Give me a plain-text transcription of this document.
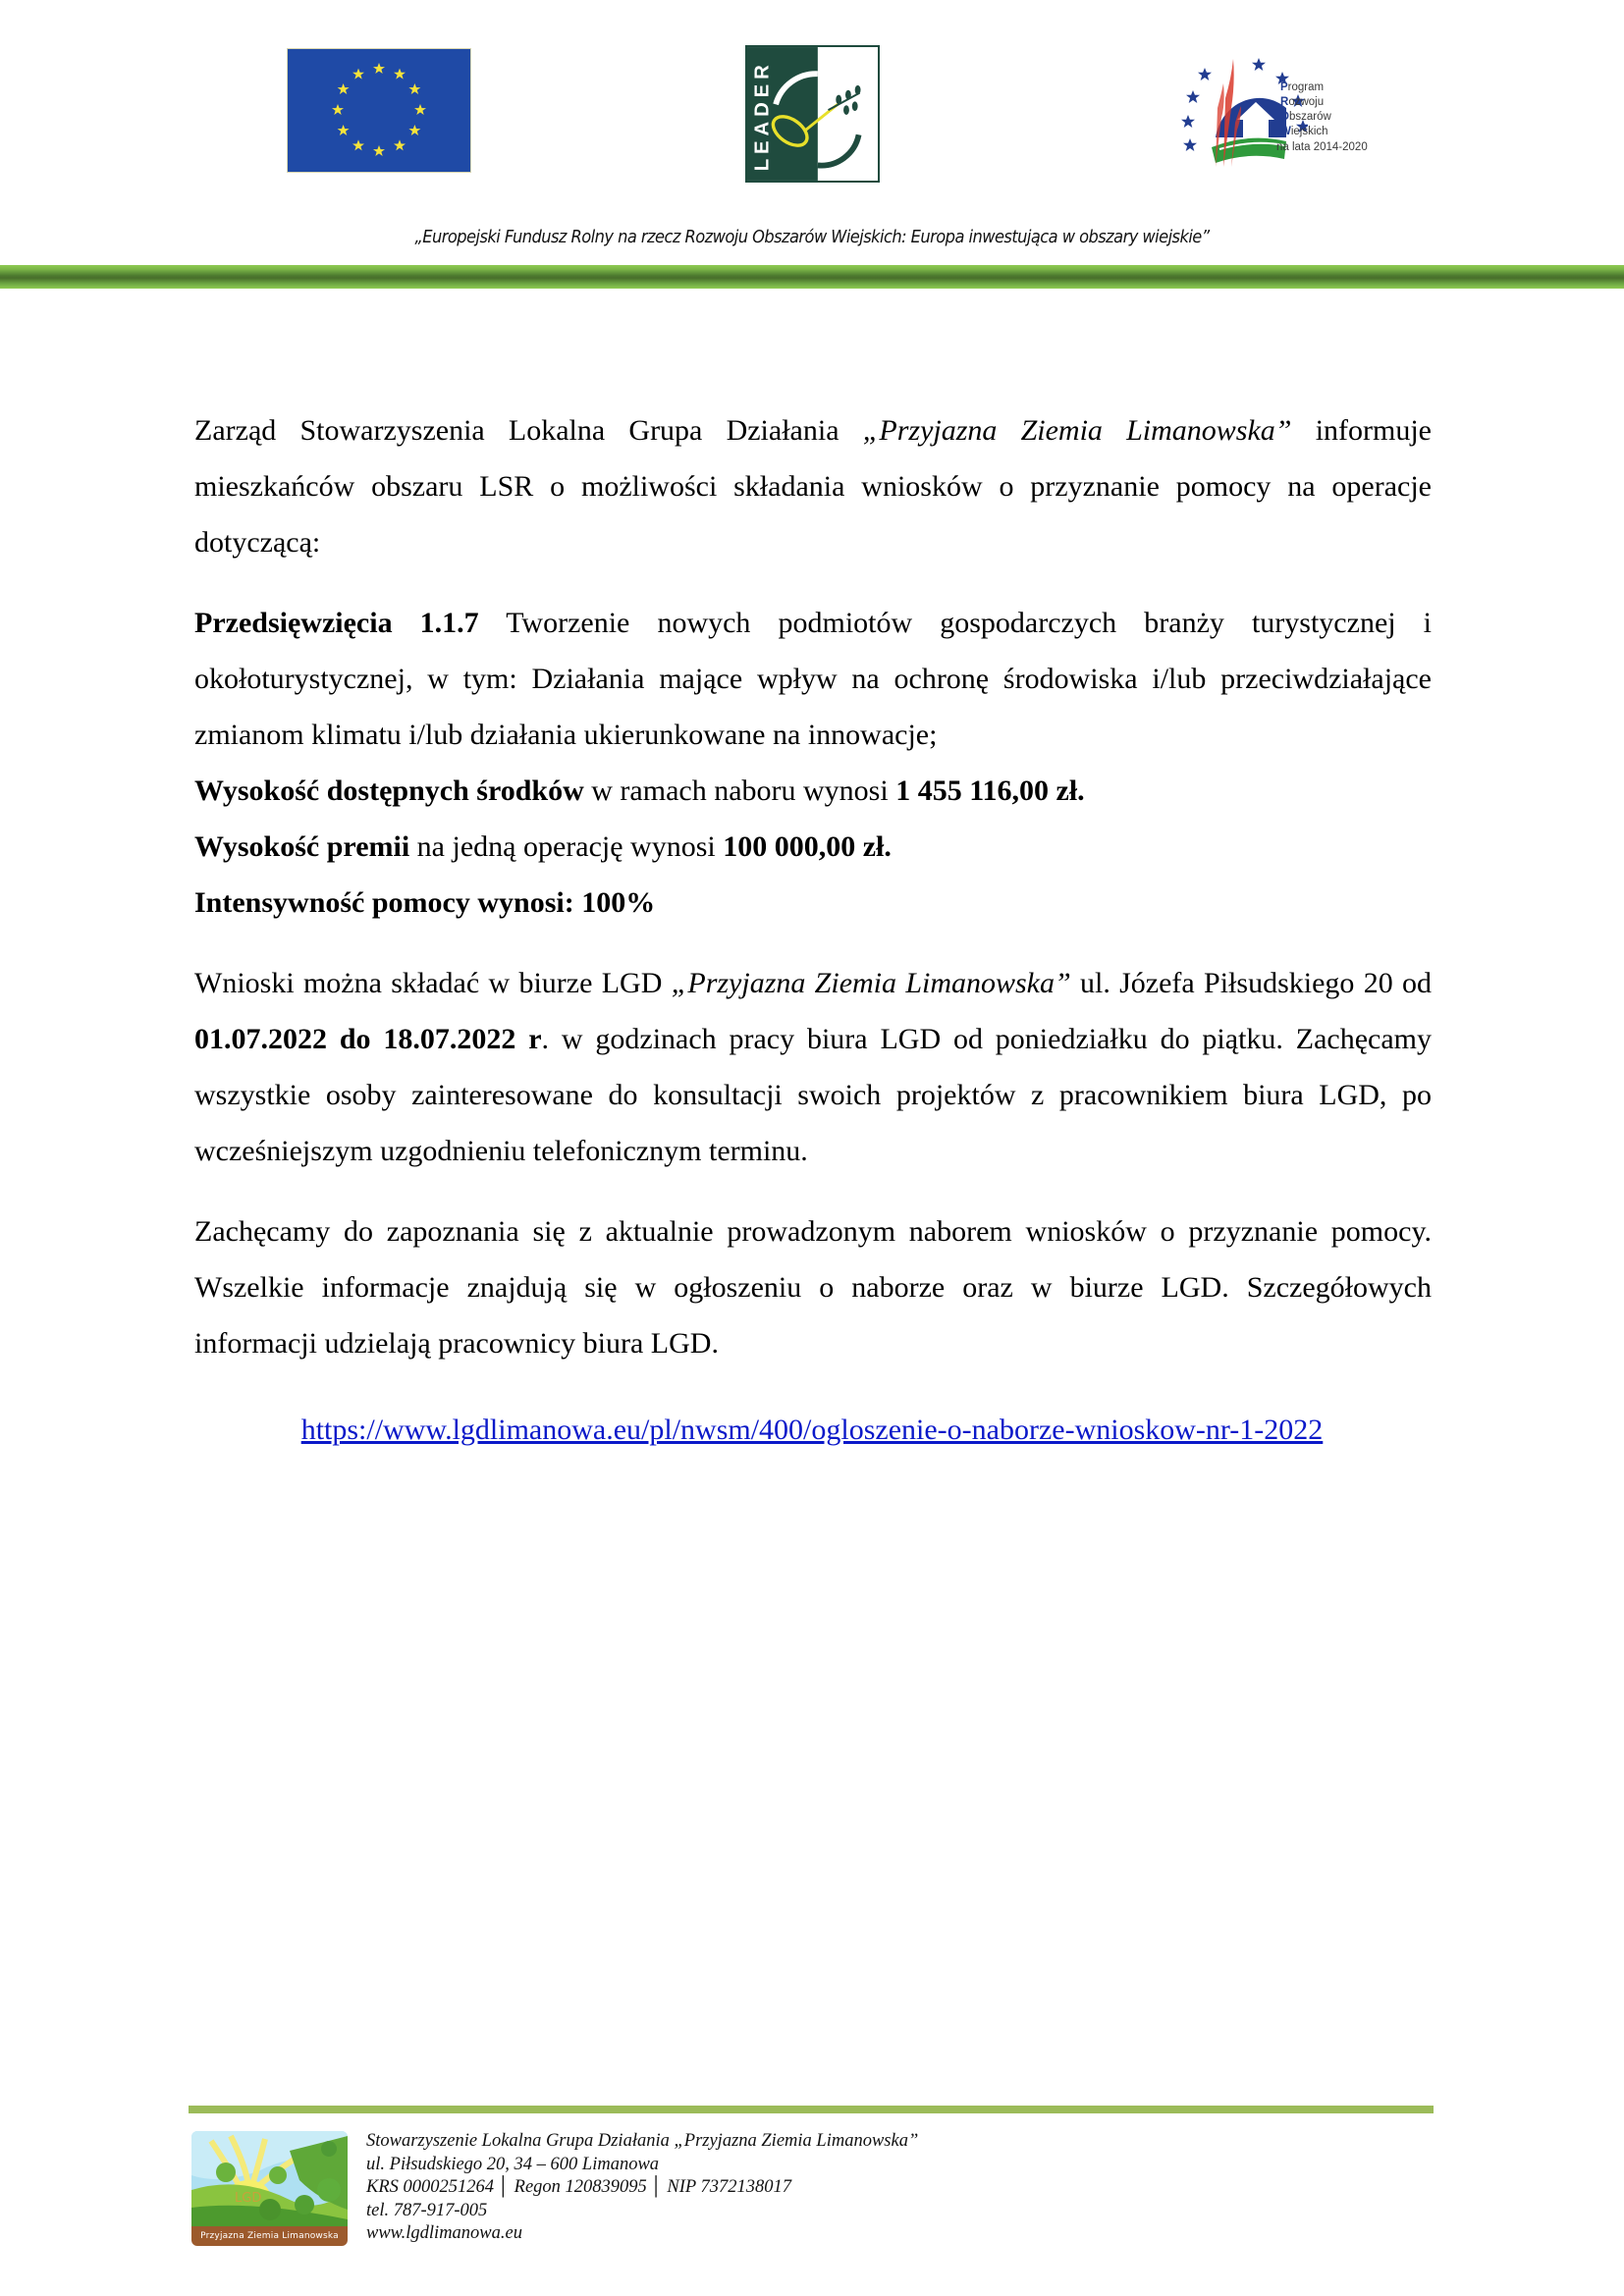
LEADER	Program
Rozwoju
Obszarów
Wiejskich
na lata 2014-2020
„Europejski Fundusz Rolny na rzecz Rozwoju Obszarów Wiejskich: Europa inwestująca w obszary wiejskie”

Zarząd Stowarzyszenia Lokalna Grupa Działania „Przyjazna Ziemia Limanowska” informuje mieszkańców obszaru LSR o możliwości składania wniosków o przyznanie pomocy na operacje dotyczącą:

Przedsięwzięcia 1.1.7 Tworzenie nowych podmiotów gospodarczych branży turystycznej i okołoturystycznej, w tym: Działania mające wpływ na ochronę środowiska i/lub przeciwdziałające zmianom klimatu i/lub działania ukierunkowane na innowacje;

Wysokość dostępnych środków w ramach naboru wynosi 1 455 116,00 zł.

Wysokość premii na jedną operację wynosi 100 000,00 zł.

Intensywność pomocy wynosi: 100%

Wnioski można składać w biurze LGD „Przyjazna Ziemia Limanowska” ul. Józefa Piłsudskiego 20 od 01.07.2022 do 18.07.2022 r. w godzinach pracy biura LGD od poniedziałku do piątku. Zachęcamy wszystkie osoby zainteresowane do konsultacji swoich projektów z pracownikiem biura LGD, po wcześniejszym uzgodnieniu telefonicznym terminu.

Zachęcamy do zapoznania się z aktualnie prowadzonym naborem wniosków o przyznanie pomocy. Wszelkie informacje znajdują się w ogłoszeniu o naborze oraz w biurze LGD. Szczegółowych informacji udzielają pracownicy biura LGD.

https://www.lgdlimanowa.eu/pl/nwsm/400/ogloszenie-o-naborze-wnioskow-nr-1-2022
LGD
Przyjazna Ziemia Limanowska
Stowarzyszenie Lokalna Grupa Działania „Przyjazna Ziemia Limanowska”
ul. Piłsudskiego 20, 34 – 600 Limanowa
KRS 0000251264 │ Regon 120839095 │ NIP 7372138017
tel. 787-917-005
www.lgdlimanowa.eu
